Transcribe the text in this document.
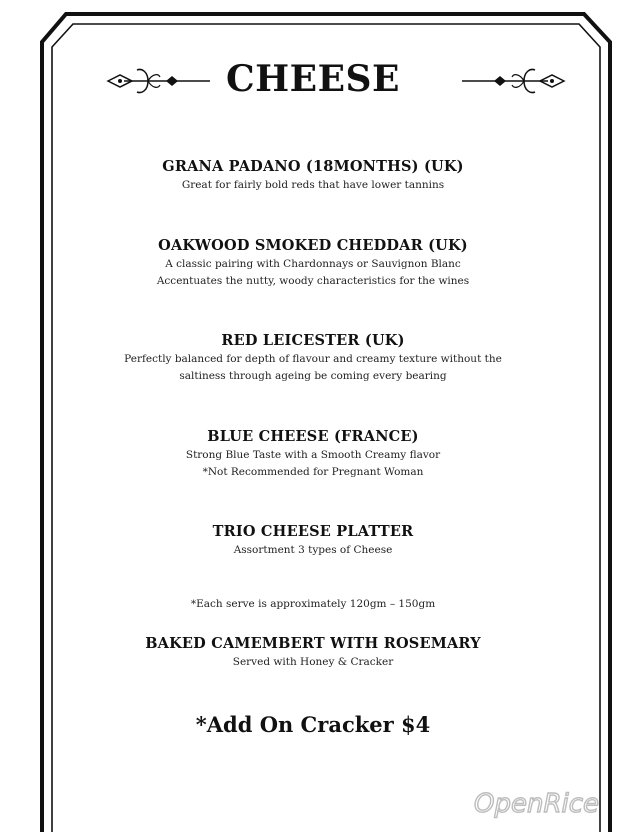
CHEESE
GRANA PADANO (18MONTHS) (UK)
Great for fairly bold reds that have lower tannins
OAKWOOD SMOKED CHEDDAR (UK)
A classic pairing with Chardonnays or Sauvignon Blanc
Accentuates the nutty, woody characteristics for the wines
RED LEICESTER (UK)
Perfectly balanced for depth of flavour and creamy texture without the
saltiness through ageing be coming every bearing
BLUE CHEESE (FRANCE)
Strong Blue Taste with a Smooth Creamy flavor
*Not Recommended for Pregnant Woman
TRIO CHEESE PLATTER
Assortment 3 types of Cheese
*Each serve is approximately 120gm – 150gm
BAKED CAMEMBERT WITH ROSEMARY
Served with Honey & Cracker
*Add On Cracker $4
OpenRice
